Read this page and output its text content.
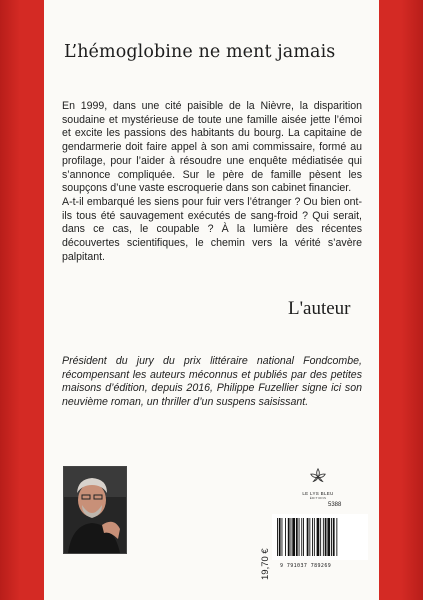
L’hémoglobine ne ment jamais

En 1999, dans une cité paisible de la Nièvre, la disparition soudaine et mystérieuse de toute une famille aisée jette l’émoi et excite les passions des habitants du bourg. La capitaine de gendarmerie doit faire appel à son ami commissaire, formé au profilage, pour l’aider à résoudre une enquête médiatisée qui s’annonce compliquée. Sur le père de famille pèsent les soupçons d’une vaste escroquerie dans son cabinet financier.

A-t-il embarqué les siens pour fuir vers l’étranger ? Ou bien ont-ils tous été sauvagement exécutés de sang-froid ? Qui serait, dans ce cas, le coupable ? À la lumière des récentes découvertes scientifiques, le chemin vers la vérité s’avère palpitant.

L'auteur

Président du jury du prix littéraire national Fondcombe, récompensant les auteurs méconnus et publiés par des petites maisons d’édition, depuis 2016, Philippe Fuzellier signe ici son neuvième roman, un thriller d’un suspens saisissant.

LE LYS BLEU
ÉDITIONS
5388
19,70 € 9 791037 789269
